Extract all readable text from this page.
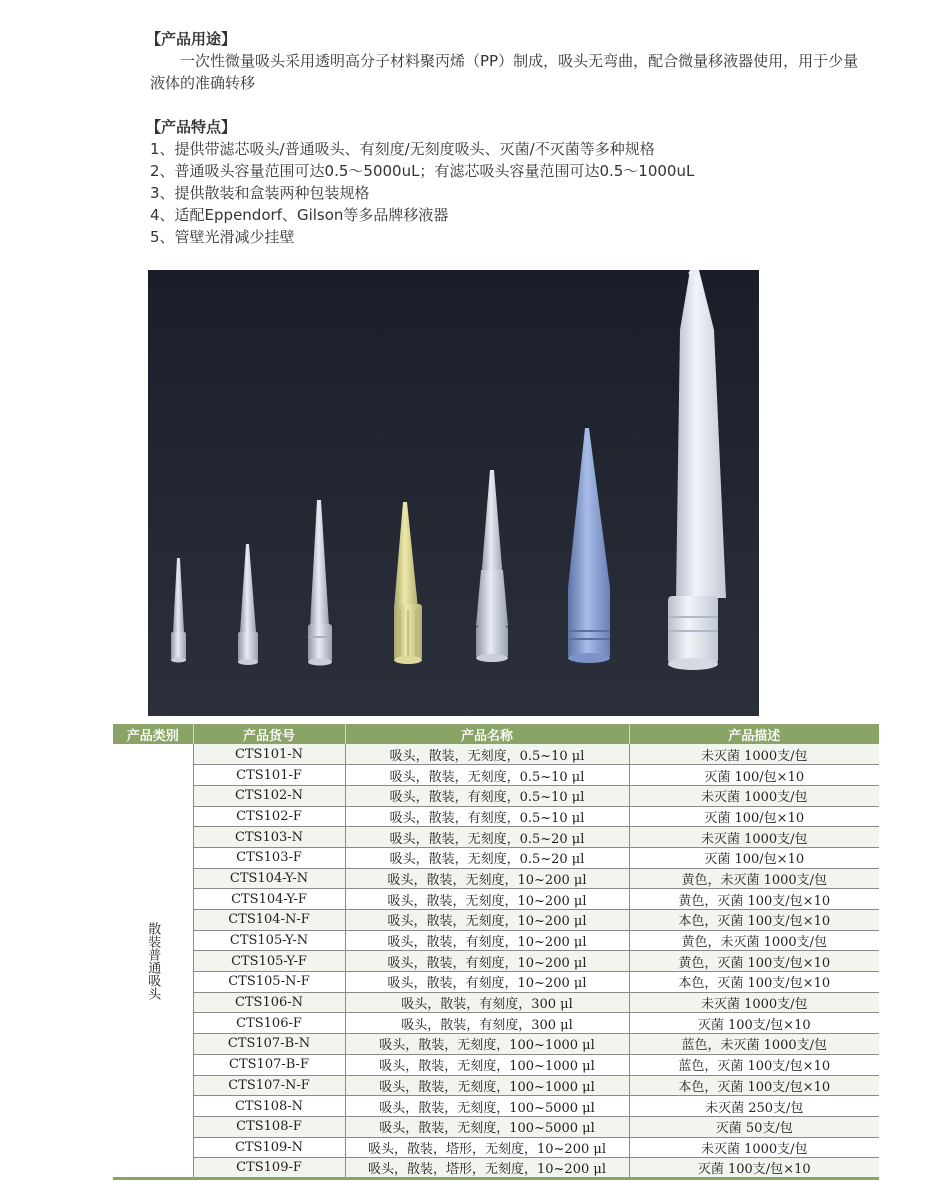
【产品用途】
一次性微量吸头采用透明高分子材料聚丙烯（PP）制成，吸头无弯曲，配合微量移液器使用，用于少量液体的准确转移
【产品特点】
1、提供带滤芯吸头/普通吸头、有刻度/无刻度吸头、灭菌/不灭菌等多种规格
2、普通吸头容量范围可达0.5～5000uL；有滤芯吸头容量范围可达0.5～1000uL
3、提供散装和盒装两种包装规格
4、适配Eppendorf、Gilson等多品牌移液器
5、管壁光滑减少挂壁
产品类别	产品货号	产品名称	产品描述
散装普通吸头	CTS101-N	吸头，散装，无刻度，0.5~10 μl	未灭菌 1000支/包
	CTS101-F	吸头，散装，无刻度，0.5~10 μl	灭菌 100/包×10
	CTS102-N	吸头，散装，有刻度，0.5~10 μl	未灭菌 1000支/包
	CTS102-F	吸头，散装，有刻度，0.5~10 μl	灭菌 100/包×10
	CTS103-N	吸头，散装，无刻度，0.5~20 μl	未灭菌 1000支/包
	CTS103-F	吸头，散装，无刻度，0.5~20 μl	灭菌 100/包×10
	CTS104-Y-N	吸头，散装，无刻度，10~200 μl	黄色，未灭菌 1000支/包
	CTS104-Y-F	吸头，散装，无刻度，10~200 μl	黄色，灭菌 100支/包×10
	CTS104-N-F	吸头，散装，无刻度，10~200 μl	本色，灭菌 100支/包×10
	CTS105-Y-N	吸头，散装，有刻度，10~200 μl	黄色，未灭菌 1000支/包
	CTS105-Y-F	吸头，散装，有刻度，10~200 μl	黄色，灭菌 100支/包×10
	CTS105-N-F	吸头，散装，有刻度，10~200 μl	本色，灭菌 100支/包×10
	CTS106-N	吸头，散装，有刻度，300 μl	未灭菌 1000支/包
	CTS106-F	吸头，散装，有刻度，300 μl	灭菌 100支/包×10
	CTS107-B-N	吸头，散装，无刻度，100~1000 μl	蓝色，未灭菌 1000支/包
	CTS107-B-F	吸头，散装，无刻度，100~1000 μl	蓝色，灭菌 100支/包×10
	CTS107-N-F	吸头，散装，无刻度，100~1000 μl	本色，灭菌 100支/包×10
	CTS108-N	吸头，散装，无刻度，100~5000 μl	未灭菌 250支/包
	CTS108-F	吸头，散装，无刻度，100~5000 μl	灭菌 50支/包
	CTS109-N	吸头，散装，塔形，无刻度，10~200 μl	未灭菌 1000支/包
	CTS109-F	吸头，散装，塔形，无刻度，10~200 μl	灭菌 100支/包×10
